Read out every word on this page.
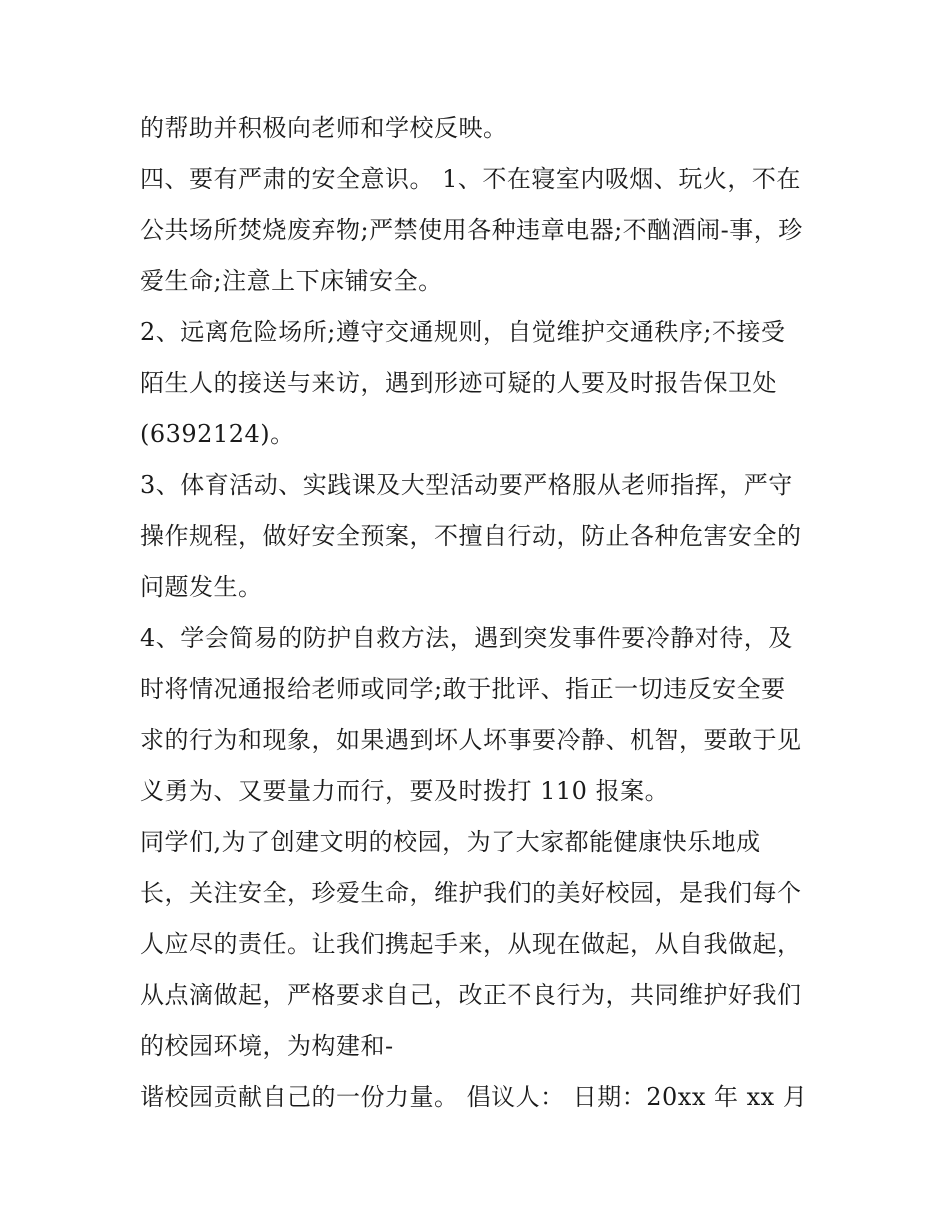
的帮助并积极向老师和学校反映。
四、要有严肃的安全意识。 1、不在寝室内吸烟、玩火，不在
公共场所焚烧废弃物;严禁使用各种违章电器;不酗酒闹-事，珍
爱生命;注意上下床铺安全。
2、远离危险场所;遵守交通规则，自觉维护交通秩序;不接受
陌生人的接送与来访，遇到形迹可疑的人要及时报告保卫处
(6392124)。
3、体育活动、实践课及大型活动要严格服从老师指挥，严守
操作规程，做好安全预案，不擅自行动，防止各种危害安全的
问题发生。
4、学会简易的防护自救方法，遇到突发事件要冷静对待，及
时将情况通报给老师或同学;敢于批评、指正一切违反安全要
求的行为和现象，如果遇到坏人坏事要冷静、机智，要敢于见
义勇为、又要量力而行，要及时拨打 110 报案。
同学们,为了创建文明的校园，为了大家都能健康快乐地成
长，关注安全，珍爱生命，维护我们的美好校园，是我们每个
人应尽的责任。让我们携起手来，从现在做起，从自我做起，
从点滴做起，严格要求自己，改正不良行为，共同维护好我们
的校园环境，为构建和-
谐校园贡献自己的一份力量。 倡议人： 日期：20xx 年 xx 月
